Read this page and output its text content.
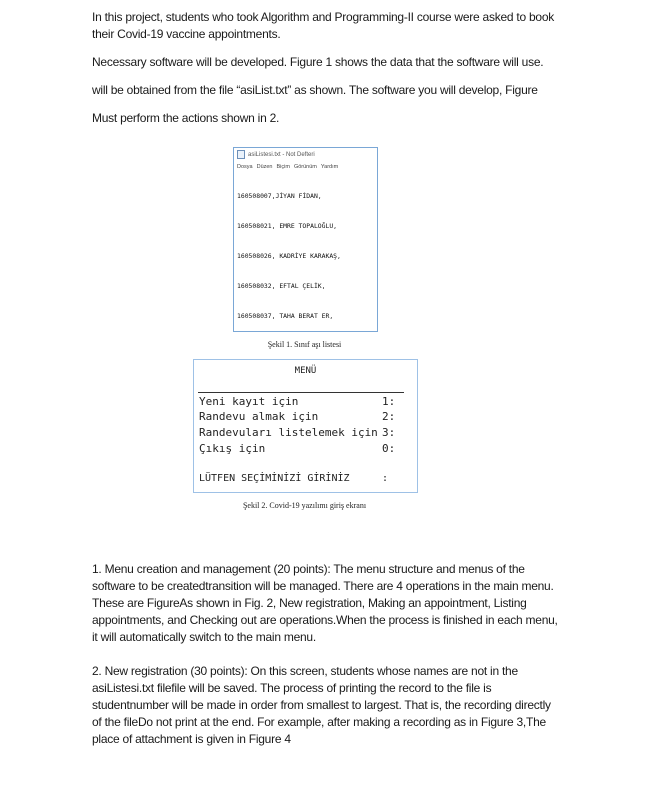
In this project, students who took Algorithm and Programming-II course were asked to book their Covid-19 vaccine appointments.

Necessary software will be developed. Figure 1 shows the data that the software will use.

will be obtained from the file “asiList.txt” as shown. The software you will develop, Figure

Must perform the actions shown in 2.

asiListesi.txt - Not Defteri
Dosya Düzen Biçim Görünüm Yardım

160508007,JİYAN FİDAN,

160508021, EMRE TOPALOĞLU,

160508026, KADRİYE KARAKAŞ,

160508032, EFTAL ÇELİK,

160508037, TAHA BERAT ER,

Şekil 1. Sınıf aşı listesi
MENÜ
Yeni kayıt için	1:
Randevu almak için	2:
Randevuları listelemek için 3:
Çıkış için	0:
LÜTFEN SEÇİMİNİZİ GİRİNİZ	:
Şekil 2. Covid-19 yazılımı giriş ekranı

1. Menu creation and management (20 points): The menu structure and menus of the software to be createdtransition will be managed. There are 4 operations in the main menu. These are FigureAs shown in Fig. 2, New registration, Making an appointment, Listing appointments, and Checking out are operations.When the process is finished in each menu, it will automatically switch to the main menu.

2. New registration (30 points): On this screen, students whose names are not in the asiListesi.txt filefile will be saved. The process of printing the record to the file is studentnumber will be made in order from smallest to largest. That is, the recording directly of the fileDo not print at the end. For example, after making a recording as in Figure 3,The place of attachment is given in Figure 4
